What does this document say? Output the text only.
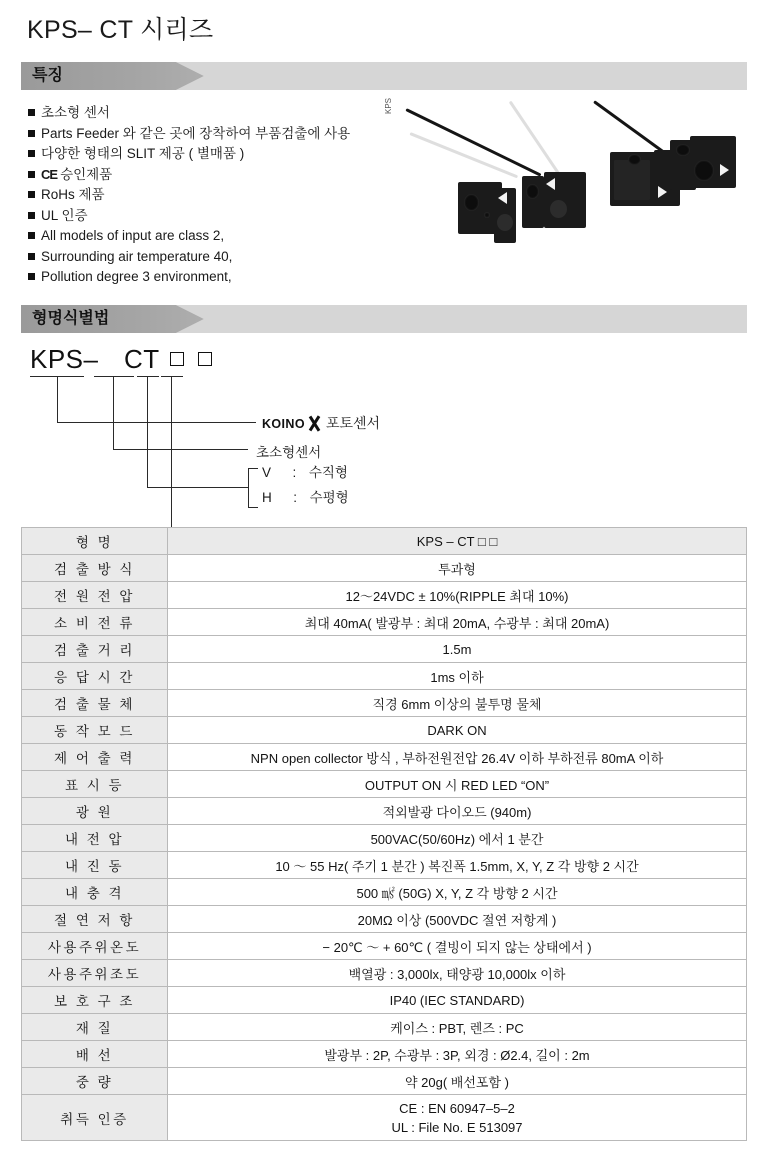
KPS– CT 시리즈
특징
초소형 센서
Parts Feeder 와 같은 곳에 장착하여 부품검출에 사용
다양한 형태의 SLIT 제공 ( 별매품 )
CE 승인제품
RoHs 제품
UL 인증
All models of input are class 2,
Surrounding air temperature 40,
Pollution degree 3 environment,
KPS
형명식별법
KPS– CT
KOINO 포토센서
초소형센서
V : 수직형
H : 수평형

형 명	KPS – CT □ □
검 출 방 식	투과형
전 원 전 압	12〜24VDC ± 10%(RIPPLE 최대 10%)
소 비 전 류	최대 40mA( 발광부 : 최대 20mA, 수광부 : 최대 20mA)
검 출 거 리	1.5m
응 답 시 간	1ms 이하
검 출 물 체	직경 6mm 이상의 불투명 물체
동 작 모 드	DARK ON
제 어 출 력	NPN open collector 방식 , 부하전원전압 26.4V 이하 부하전류 80mA 이하
표 시 등	OUTPUT ON 시 RED LED “ON”
광 원	적외발광 다이오드 (940m)
내 전 압	500VAC(50/60Hz) 에서 1 분간
내 진 동	10 〜 55 Hz( 주기 1 분간 ) 복진폭 1.5mm, X, Y, Z 각 방향 2 시간
내 충 격	500 ㎨ (50G) X, Y, Z 각 방향 2 시간
절 연 저 항	20MΩ 이상 (500VDC 절연 저항계 )
사용주위온도	− 20℃ 〜 + 60℃ ( 결빙이 되지 않는 상태에서 )
사용주위조도	백열광 : 3,000lx, 태양광 10,000lx 이하
보 호 구 조	IP40 (IEC STANDARD)
재 질	케이스 : PBT, 렌즈 : PC
배 선	발광부 : 2P, 수광부 : 3P, 외경 : Ø2.4, 길이 : 2m
중 량	약 20g( 배선포함 )
취득 인증	CE : EN 60947–5–2
UL : File No. E 513097
